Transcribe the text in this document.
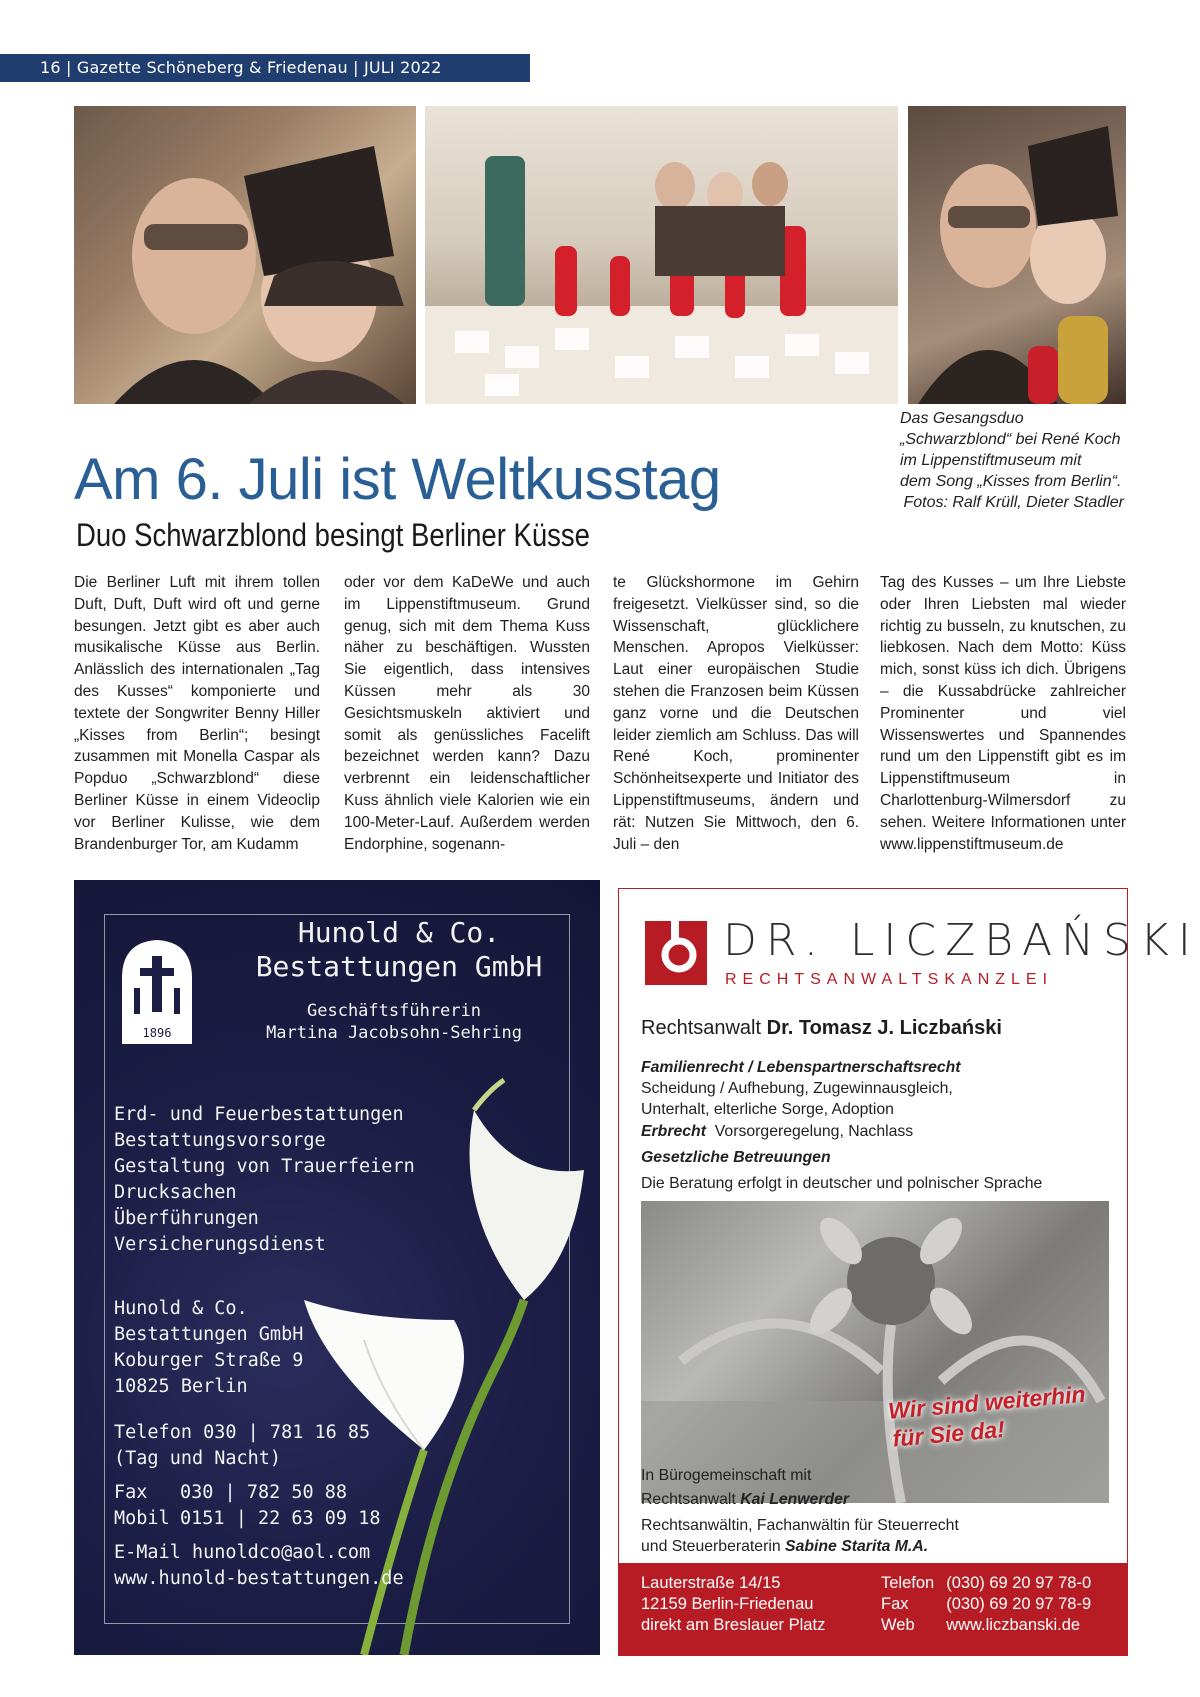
16 | Gazette Schöneberg & Friedenau | JULI 2022
Das Gesangsduo
„Schwarzblond“ bei René Koch
im Lippenstiftmuseum mit
dem Song „Kisses from Berlin“.
Fotos: Ralf Krüll, Dieter Stadler
Am 6. Juli ist Weltkusstag
Duo Schwarzblond besingt Berliner Küsse

Die Berliner Luft mit ihrem tollen Duft, Duft, Duft wird oft und gerne besungen. Jetzt gibt es aber auch musikalische Küsse aus Berlin. Anlässlich des internationalen „Tag des Kusses“ komponierte und textete der Songwriter Benny Hiller „Kisses from Berlin“; besingt zusammen mit Monella Caspar als Popduo „Schwarzblond“ diese Berliner Küsse in einem Videoclip vor Berliner Kulisse, wie dem Brandenburger Tor, am Kudamm

oder vor dem KaDeWe und auch im Lippenstiftmuseum. Grund genug, sich mit dem Thema Kuss näher zu beschäftigen. Wussten Sie eigentlich, dass intensives Küssen mehr als 30 Gesichtsmuskeln aktiviert und somit als genüssliches Facelift bezeichnet werden kann? Dazu verbrennt ein leidenschaftlicher Kuss ähnlich viele Kalorien wie ein 100-Meter-Lauf. Außerdem werden Endorphine, sogenann-

te Glückshormone im Gehirn freigesetzt. Vielküsser sind, so die Wissenschaft, glücklichere Menschen. Apropos Vielküsser: Laut einer europäischen Studie stehen die Franzosen beim Küssen ganz vorne und die Deutschen leider ziemlich am Schluss. Das will René Koch, prominenter Schönheitsexperte und Initiator des Lippenstiftmuseums, ändern und rät: Nutzen Sie Mittwoch, den 6. Juli – den

Tag des Kusses – um Ihre Liebste oder Ihren Liebsten mal wieder richtig zu busseln, zu knutschen, zu liebkosen. Nach dem Motto: Küss mich, sonst küss ich dich. Übrigens – die Kussabdrücke zahlreicher Prominenter und viel Wissenswertes und Spannendes rund um den Lippenstift gibt es im Lippenstiftmuseum in Charlottenburg-Wilmersdorf zu sehen. Weitere Informationen unter www.lippenstiftmuseum.de

1896
Hunold & Co.
Bestattungen GmbH
Geschäftsführerin
Martina Jacobsohn-Sehring
Erd- und Feuerbestattungen
Bestattungsvorsorge
Gestaltung von Trauerfeiern
Drucksachen
Überführungen
Versicherungsdienst
Hunold & Co.
Bestattungen GmbH
Koburger Straße 9
10825 Berlin
Telefon 030 | 781 16 85
(Tag und Nacht)
Fax 030 | 782 50 88
Mobil 0151 | 22 63 09 18
E-Mail hunoldco@aol.com
www.hunold-bestattungen.de
DR. LICZBAŃSKI
RECHTSANWALTSKANZLEI
Rechtsanwalt Dr. Tomasz J. Liczbański
Familienrecht / Lebenspartnerschaftsrecht
Scheidung / Aufhebung, Zugewinnausgleich,
Unterhalt, elterliche Sorge, Adoption
Erbrecht Vorsorgeregelung, Nachlass
Gesetzliche Betreuungen
Die Beratung erfolgt in deutscher und polnischer Sprache
Wir sind weiterhin
für Sie da!
In Bürogemeinschaft mit
Rechtsanwalt Kai Lenwerder
Rechtsanwältin, Fachanwältin für Steuerrecht
und Steuerberaterin Sabine Starita M.A.
Lauterstraße 14/15
12159 Berlin-Friedenau
direkt am Breslauer Platz
Telefon	(030) 69 20 97 78-0
Fax	(030) 69 20 97 78-9
Web	www.liczbanski.de
